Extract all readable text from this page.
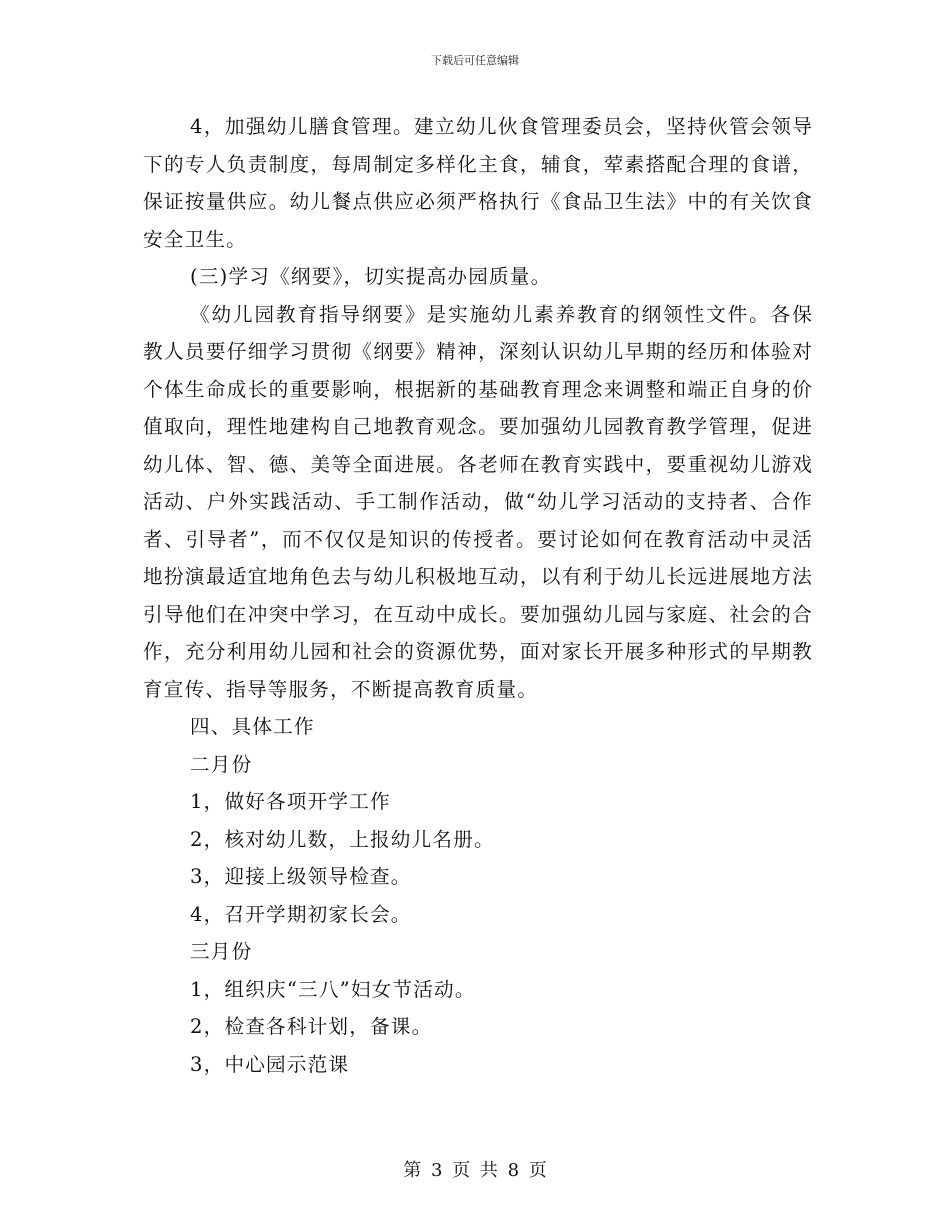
下载后可任意编辑

4，加强幼儿膳食管理。建立幼儿伙食管理委员会，坚持伙管会领导下的专人负责制度，每周制定多样化主食，辅食，荤素搭配合理的食谱，保证按量供应。幼儿餐点供应必须严格执行《食品卫生法》中的有关饮食安全卫生。

(三)学习《纲要》，切实提高办园质量。

《幼儿园教育指导纲要》是实施幼儿素养教育的纲领性文件。各保教人员要仔细学习贯彻《纲要》精神，深刻认识幼儿早期的经历和体验对个体生命成长的重要影响，根据新的基础教育理念来调整和端正自身的价值取向，理性地建构自己地教育观念。要加强幼儿园教育教学管理，促进幼儿体、智、德、美等全面进展。各老师在教育实践中，要重视幼儿游戏活动、户外实践活动、手工制作活动，做“幼儿学习活动的支持者、合作者、引导者”，而不仅仅是知识的传授者。要讨论如何在教育活动中灵活地扮演最适宜地角色去与幼儿积极地互动，以有利于幼儿长远进展地方法引导他们在冲突中学习，在互动中成长。要加强幼儿园与家庭、社会的合作，充分利用幼儿园和社会的资源优势，面对家长开展多种形式的早期教育宣传、指导等服务，不断提高教育质量。

四、具体工作

二月份

1，做好各项开学工作

2，核对幼儿数，上报幼儿名册。

3，迎接上级领导检查。

4，召开学期初家长会。

三月份

1，组织庆“三八”妇女节活动。

2，检查各科计划，备课。

3，中心园示范课

第 3 页 共 8 页
